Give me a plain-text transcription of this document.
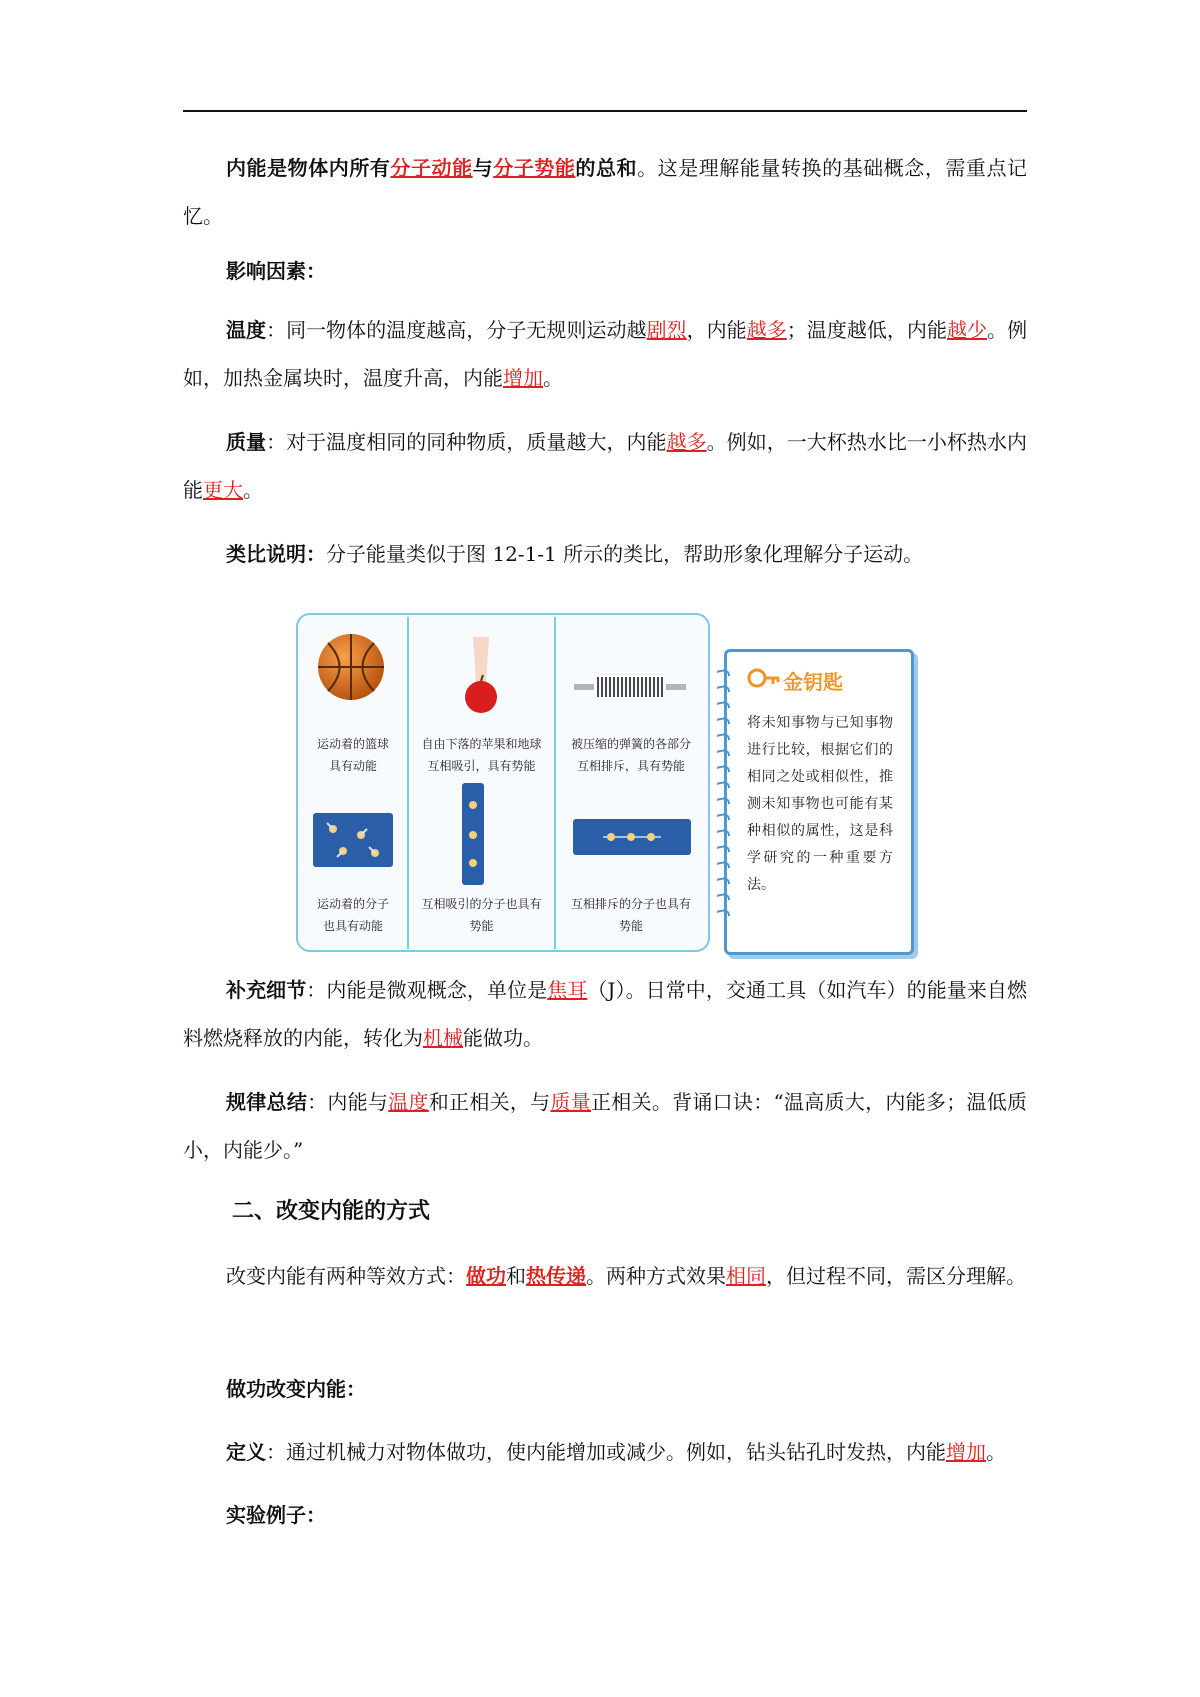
内能是物体内所有分子动能与分子势能的总和。这是理解能量转换的基础概念，需重点记忆。
影响因素：
温度：同一物体的温度越高，分子无规则运动越剧烈，内能越多；温度越低，内能越少。例如，加热金属块时，温度升高，内能增加。
质量：对于温度相同的同种物质，质量越大，内能越多。例如，一大杯热水比一小杯热水内能更大。
类比说明：分子能量类似于图 12-1-1 所示的类比，帮助形象化理解分子运动。
运动着的篮球
具有动能
运动着的分子
也具有动能
自由下落的苹果和地球
互相吸引，具有势能
互相吸引的分子也具有
势能
被压缩的弹簧的各部分
互相排斥，具有势能
互相排斥的分子也具有
势能
金钥匙
将未知事物与已知事物进行比较，根据它们的相同之处或相似性，推测未知事物也可能有某种相似的属性，这是科学研究的一种重要方法。
补充细节：内能是微观概念，单位是焦耳（J）。日常中，交通工具（如汽车）的能量来自燃料燃烧释放的内能，转化为机械能做功。
规律总结：内能与温度和正相关，与质量正相关。背诵口诀：“温高质大，内能多；温低质小，内能少。”
二、改变内能的方式
改变内能有两种等效方式：做功和热传递。两种方式效果相同，但过程不同，需区分理解。
做功改变内能：
定义：通过机械力对物体做功，使内能增加或减少。例如，钻头钻孔时发热，内能增加。
实验例子：
